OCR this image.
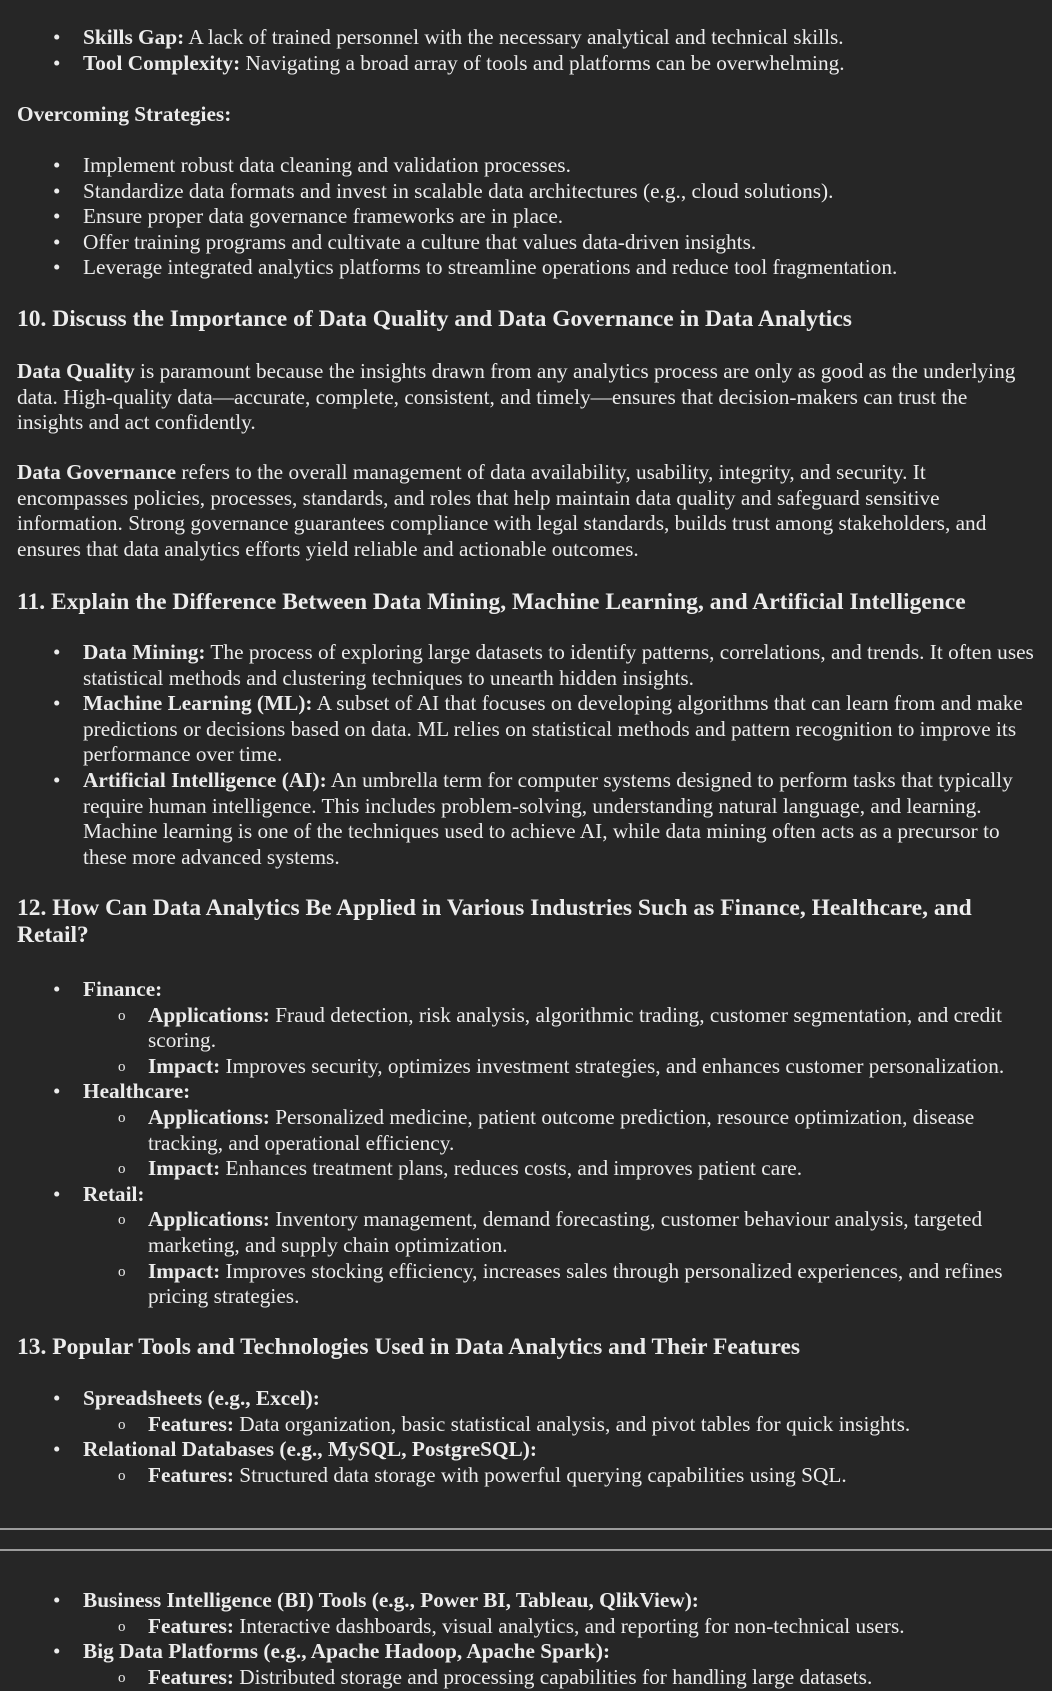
• Skills Gap: A lack of trained personnel with the necessary analytical and technical skills.
• Tool Complexity: Navigating a broad array of tools and platforms can be overwhelming.

Overcoming Strategies:

• Implement robust data cleaning and validation processes.
• Standardize data formats and invest in scalable data architectures (e.g., cloud solutions).
• Ensure proper data governance frameworks are in place.
• Offer training programs and cultivate a culture that values data-driven insights.
• Leverage integrated analytics platforms to streamline operations and reduce tool fragmentation.
10. Discuss the Importance of Data Quality and Data Governance in Data Analytics

Data Quality is paramount because the insights drawn from any analytics process are only as good as the underlying data. High-quality data—accurate, complete, consistent, and timely—ensures that decision-makers can trust the insights and act confidently.

Data Governance refers to the overall management of data availability, usability, integrity, and security. It encompasses policies, processes, standards, and roles that help maintain data quality and safeguard sensitive information. Strong governance guarantees compliance with legal standards, builds trust among stakeholders, and ensures that data analytics efforts yield reliable and actionable outcomes.

11. Explain the Difference Between Data Mining, Machine Learning, and Artificial Intelligence
• Data Mining: The process of exploring large datasets to identify patterns, correlations, and trends. It often uses statistical methods and clustering techniques to unearth hidden insights.
• Machine Learning (ML): A subset of AI that focuses on developing algorithms that can learn from and make predictions or decisions based on data. ML relies on statistical methods and pattern recognition to improve its performance over time.
• Artificial Intelligence (AI): An umbrella term for computer systems designed to perform tasks that typically require human intelligence. This includes problem-solving, understanding natural language, and learning. Machine learning is one of the techniques used to achieve AI, while data mining often acts as a precursor to these more advanced systems.
12. How Can Data Analytics Be Applied in Various Industries Such as Finance, Healthcare, and Retail?
• Finance:
o Applications: Fraud detection, risk analysis, algorithmic trading, customer segmentation, and credit scoring.
o Impact: Improves security, optimizes investment strategies, and enhances customer personalization.
• Healthcare:
o Applications: Personalized medicine, patient outcome prediction, resource optimization, disease tracking, and operational efficiency.
o Impact: Enhances treatment plans, reduces costs, and improves patient care.
• Retail:
o Applications: Inventory management, demand forecasting, customer behaviour analysis, targeted marketing, and supply chain optimization.
o Impact: Improves stocking efficiency, increases sales through personalized experiences, and refines pricing strategies.
13. Popular Tools and Technologies Used in Data Analytics and Their Features
• Spreadsheets (e.g., Excel):
o Features: Data organization, basic statistical analysis, and pivot tables for quick insights.
• Relational Databases (e.g., MySQL, PostgreSQL):
o Features: Structured data storage with powerful querying capabilities using SQL.
• Business Intelligence (BI) Tools (e.g., Power BI, Tableau, QlikView):
o Features: Interactive dashboards, visual analytics, and reporting for non-technical users.
• Big Data Platforms (e.g., Apache Hadoop, Apache Spark):
o Features: Distributed storage and processing capabilities for handling large datasets.
